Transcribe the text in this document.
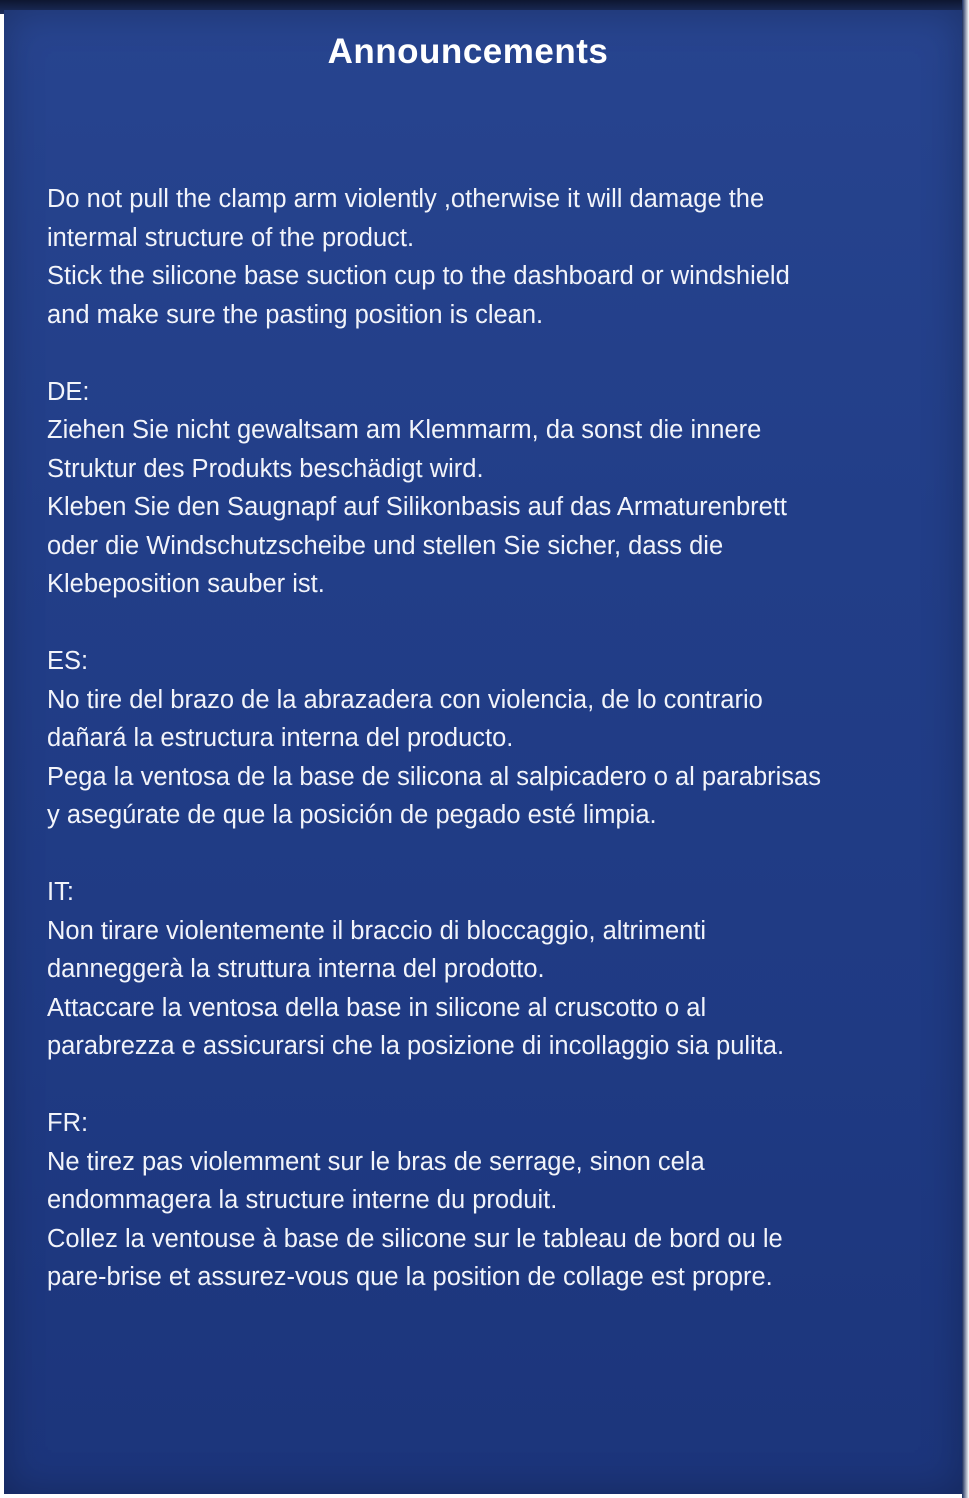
Announcements
Do not pull the clamp arm violently ,otherwise it will damage the
intermal structure of the product.
Stick the silicone base suction cup to the dashboard or windshield
and make sure the pasting position is clean.
DE:
Ziehen Sie nicht gewaltsam am Klemmarm, da sonst die innere
Struktur des Produkts beschädigt wird.
Kleben Sie den Saugnapf auf Silikonbasis auf das Armaturenbrett
oder die Windschutzscheibe und stellen Sie sicher, dass die
Klebeposition sauber ist.
ES:
No tire del brazo de la abrazadera con violencia, de lo contrario
dañará la estructura interna del producto.
Pega la ventosa de la base de silicona al salpicadero o al parabrisas
y asegúrate de que la posición de pegado esté limpia.
IT:
Non tirare violentemente il braccio di bloccaggio, altrimenti
danneggerà la struttura interna del prodotto.
Attaccare la ventosa della base in silicone al cruscotto o al
parabrezza e assicurarsi che la posizione di incollaggio sia pulita.
FR:
Ne tirez pas violemment sur le bras de serrage, sinon cela
endommagera la structure interne du produit.
Collez la ventouse à base de silicone sur le tableau de bord ou le
pare-brise et assurez-vous que la position de collage est propre.
